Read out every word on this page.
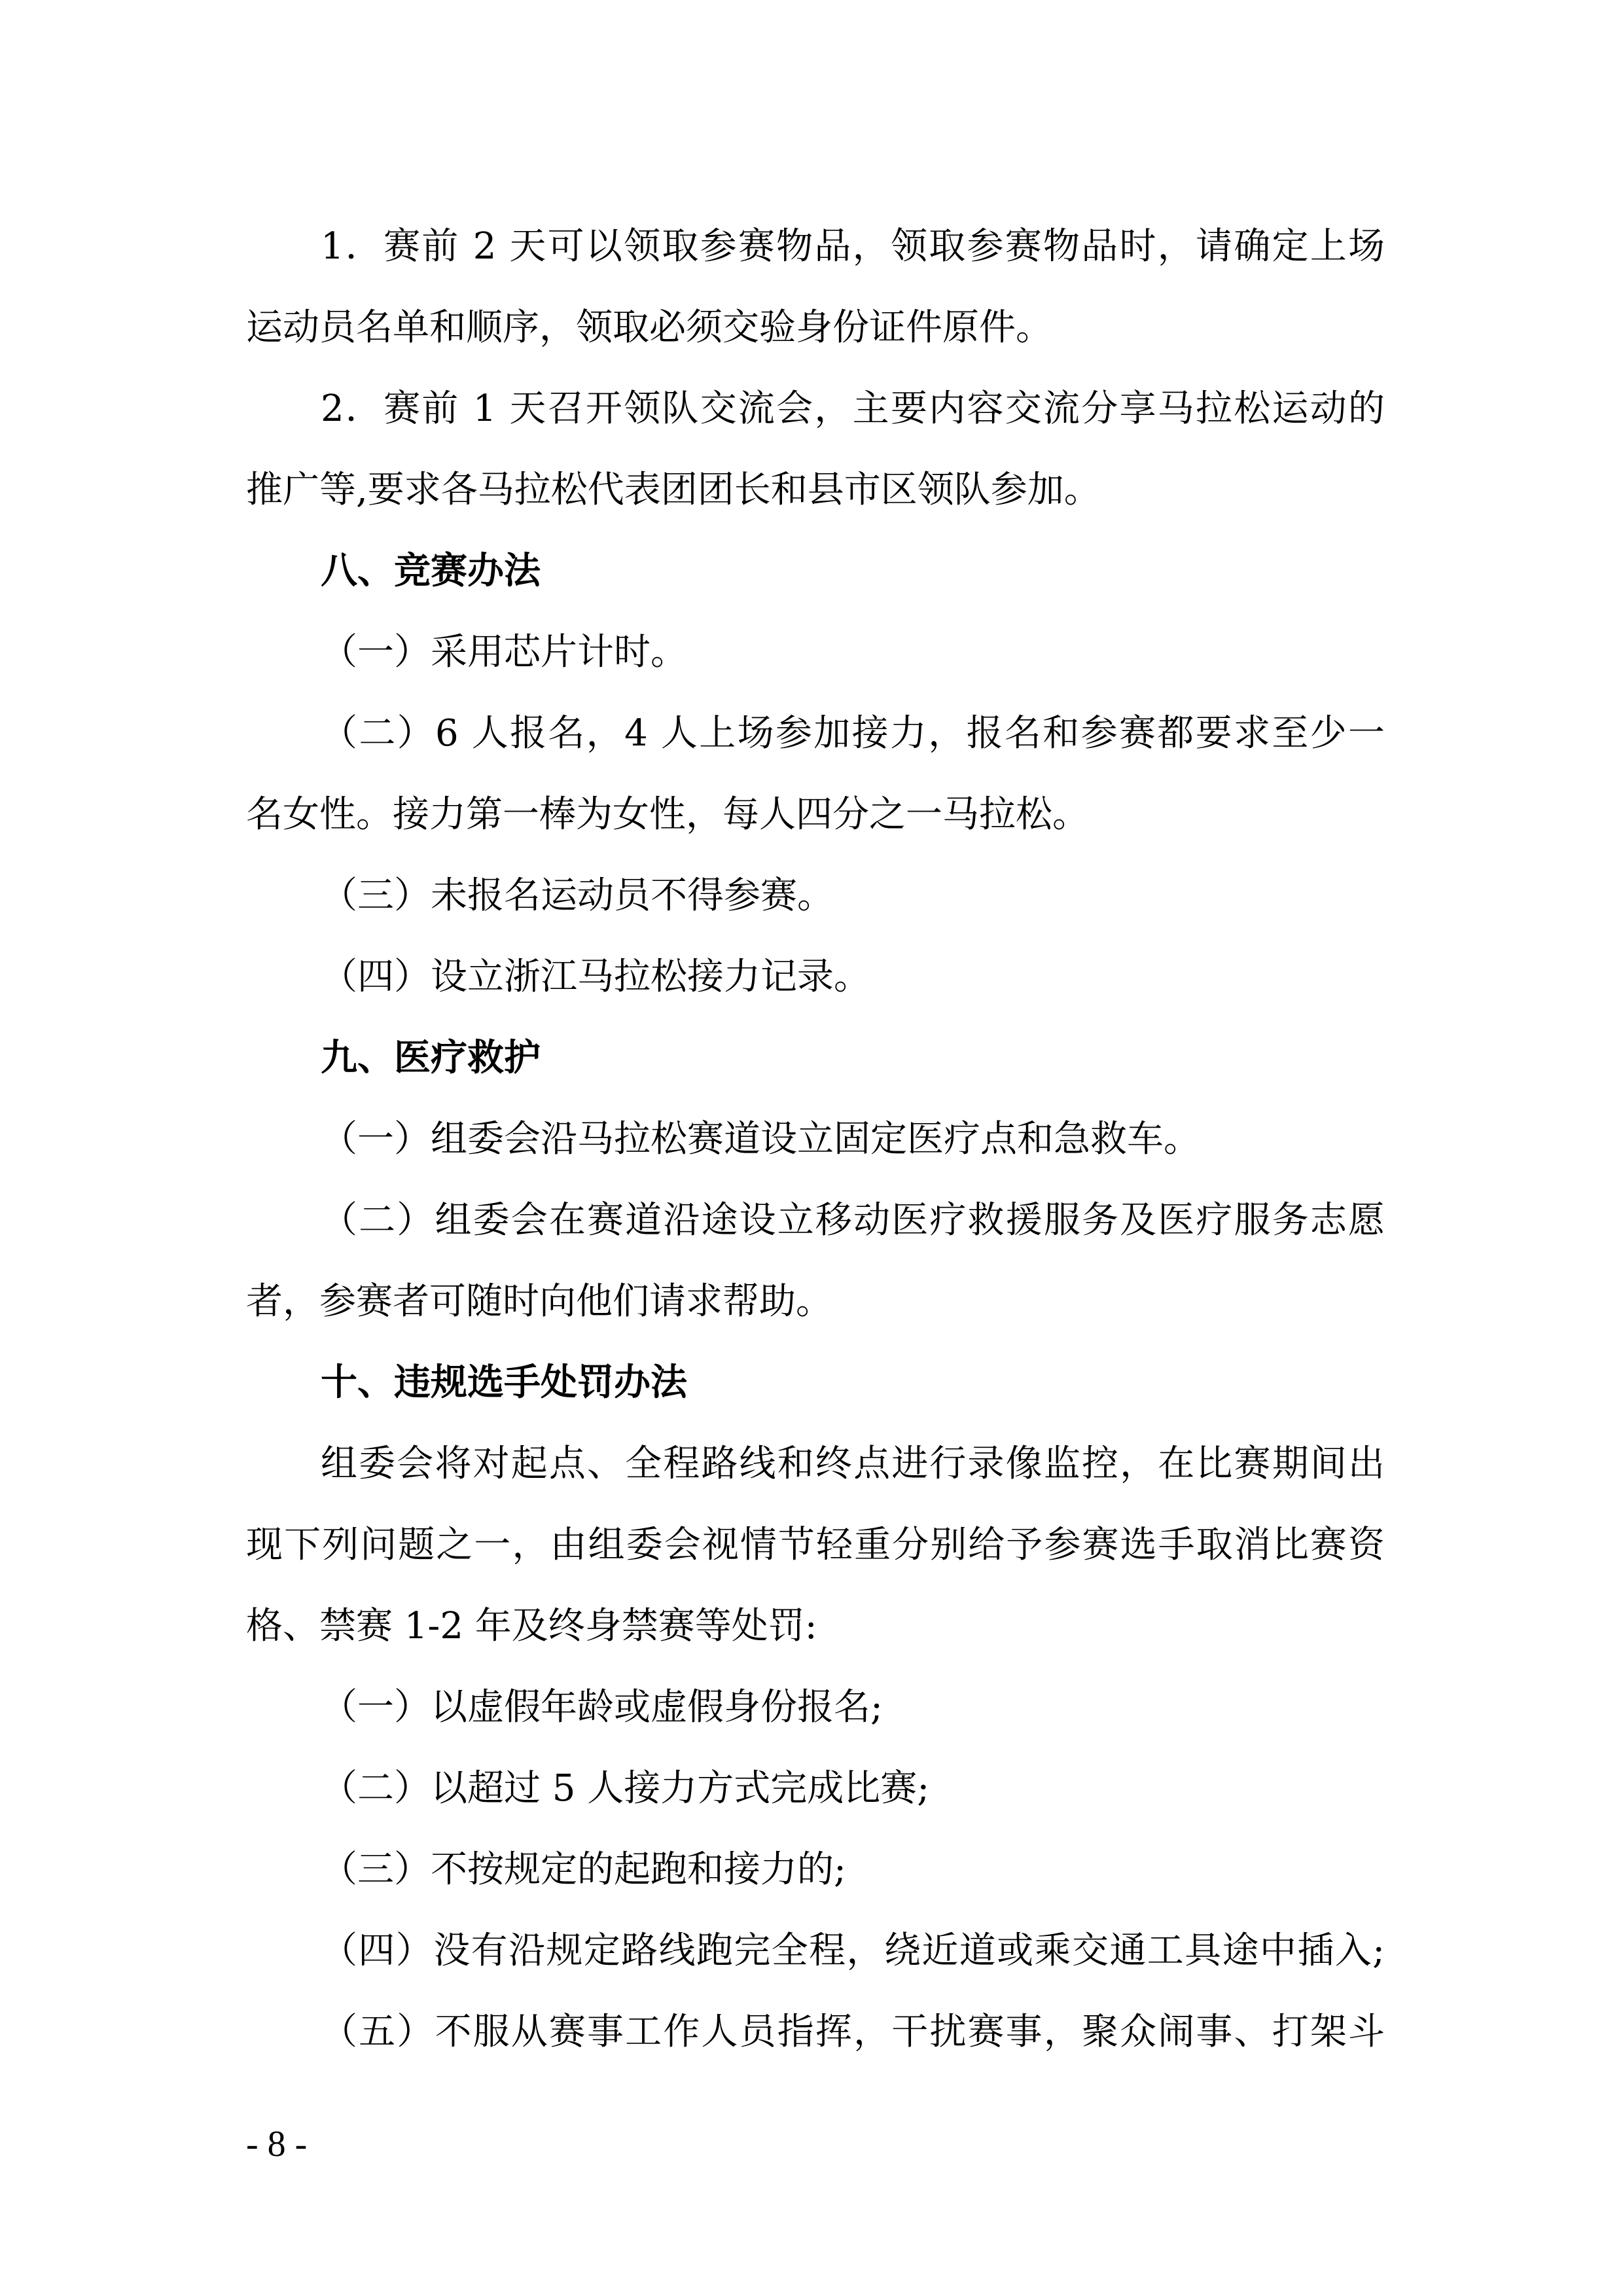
1．赛前 2 天可以领取参赛物品，领取参赛物品时，请确定上场
运动员名单和顺序，领取必须交验身份证件原件。
2．赛前 1 天召开领队交流会，主要内容交流分享马拉松运动的
推广等,要求各马拉松代表团团长和县市区领队参加。
八、竞赛办法
（一）采用芯片计时。
（二）6 人报名，4 人上场参加接力，报名和参赛都要求至少一
名女性。接力第一棒为女性，每人四分之一马拉松。
（三）未报名运动员不得参赛。
（四）设立浙江马拉松接力记录。
九、医疗救护
（一）组委会沿马拉松赛道设立固定医疗点和急救车。
（二）组委会在赛道沿途设立移动医疗救援服务及医疗服务志愿
者，参赛者可随时向他们请求帮助。
十、违规选手处罚办法
组委会将对起点、全程路线和终点进行录像监控，在比赛期间出
现下列问题之一，由组委会视情节轻重分别给予参赛选手取消比赛资
格、禁赛 1-2 年及终身禁赛等处罚:
（一）以虚假年龄或虚假身份报名;
（二）以超过 5 人接力方式完成比赛;
（三）不按规定的起跑和接力的;
（四）没有沿规定路线跑完全程，绕近道或乘交通工具途中插入;
（五）不服从赛事工作人员指挥，干扰赛事，聚众闹事、打架斗
- 8 -
